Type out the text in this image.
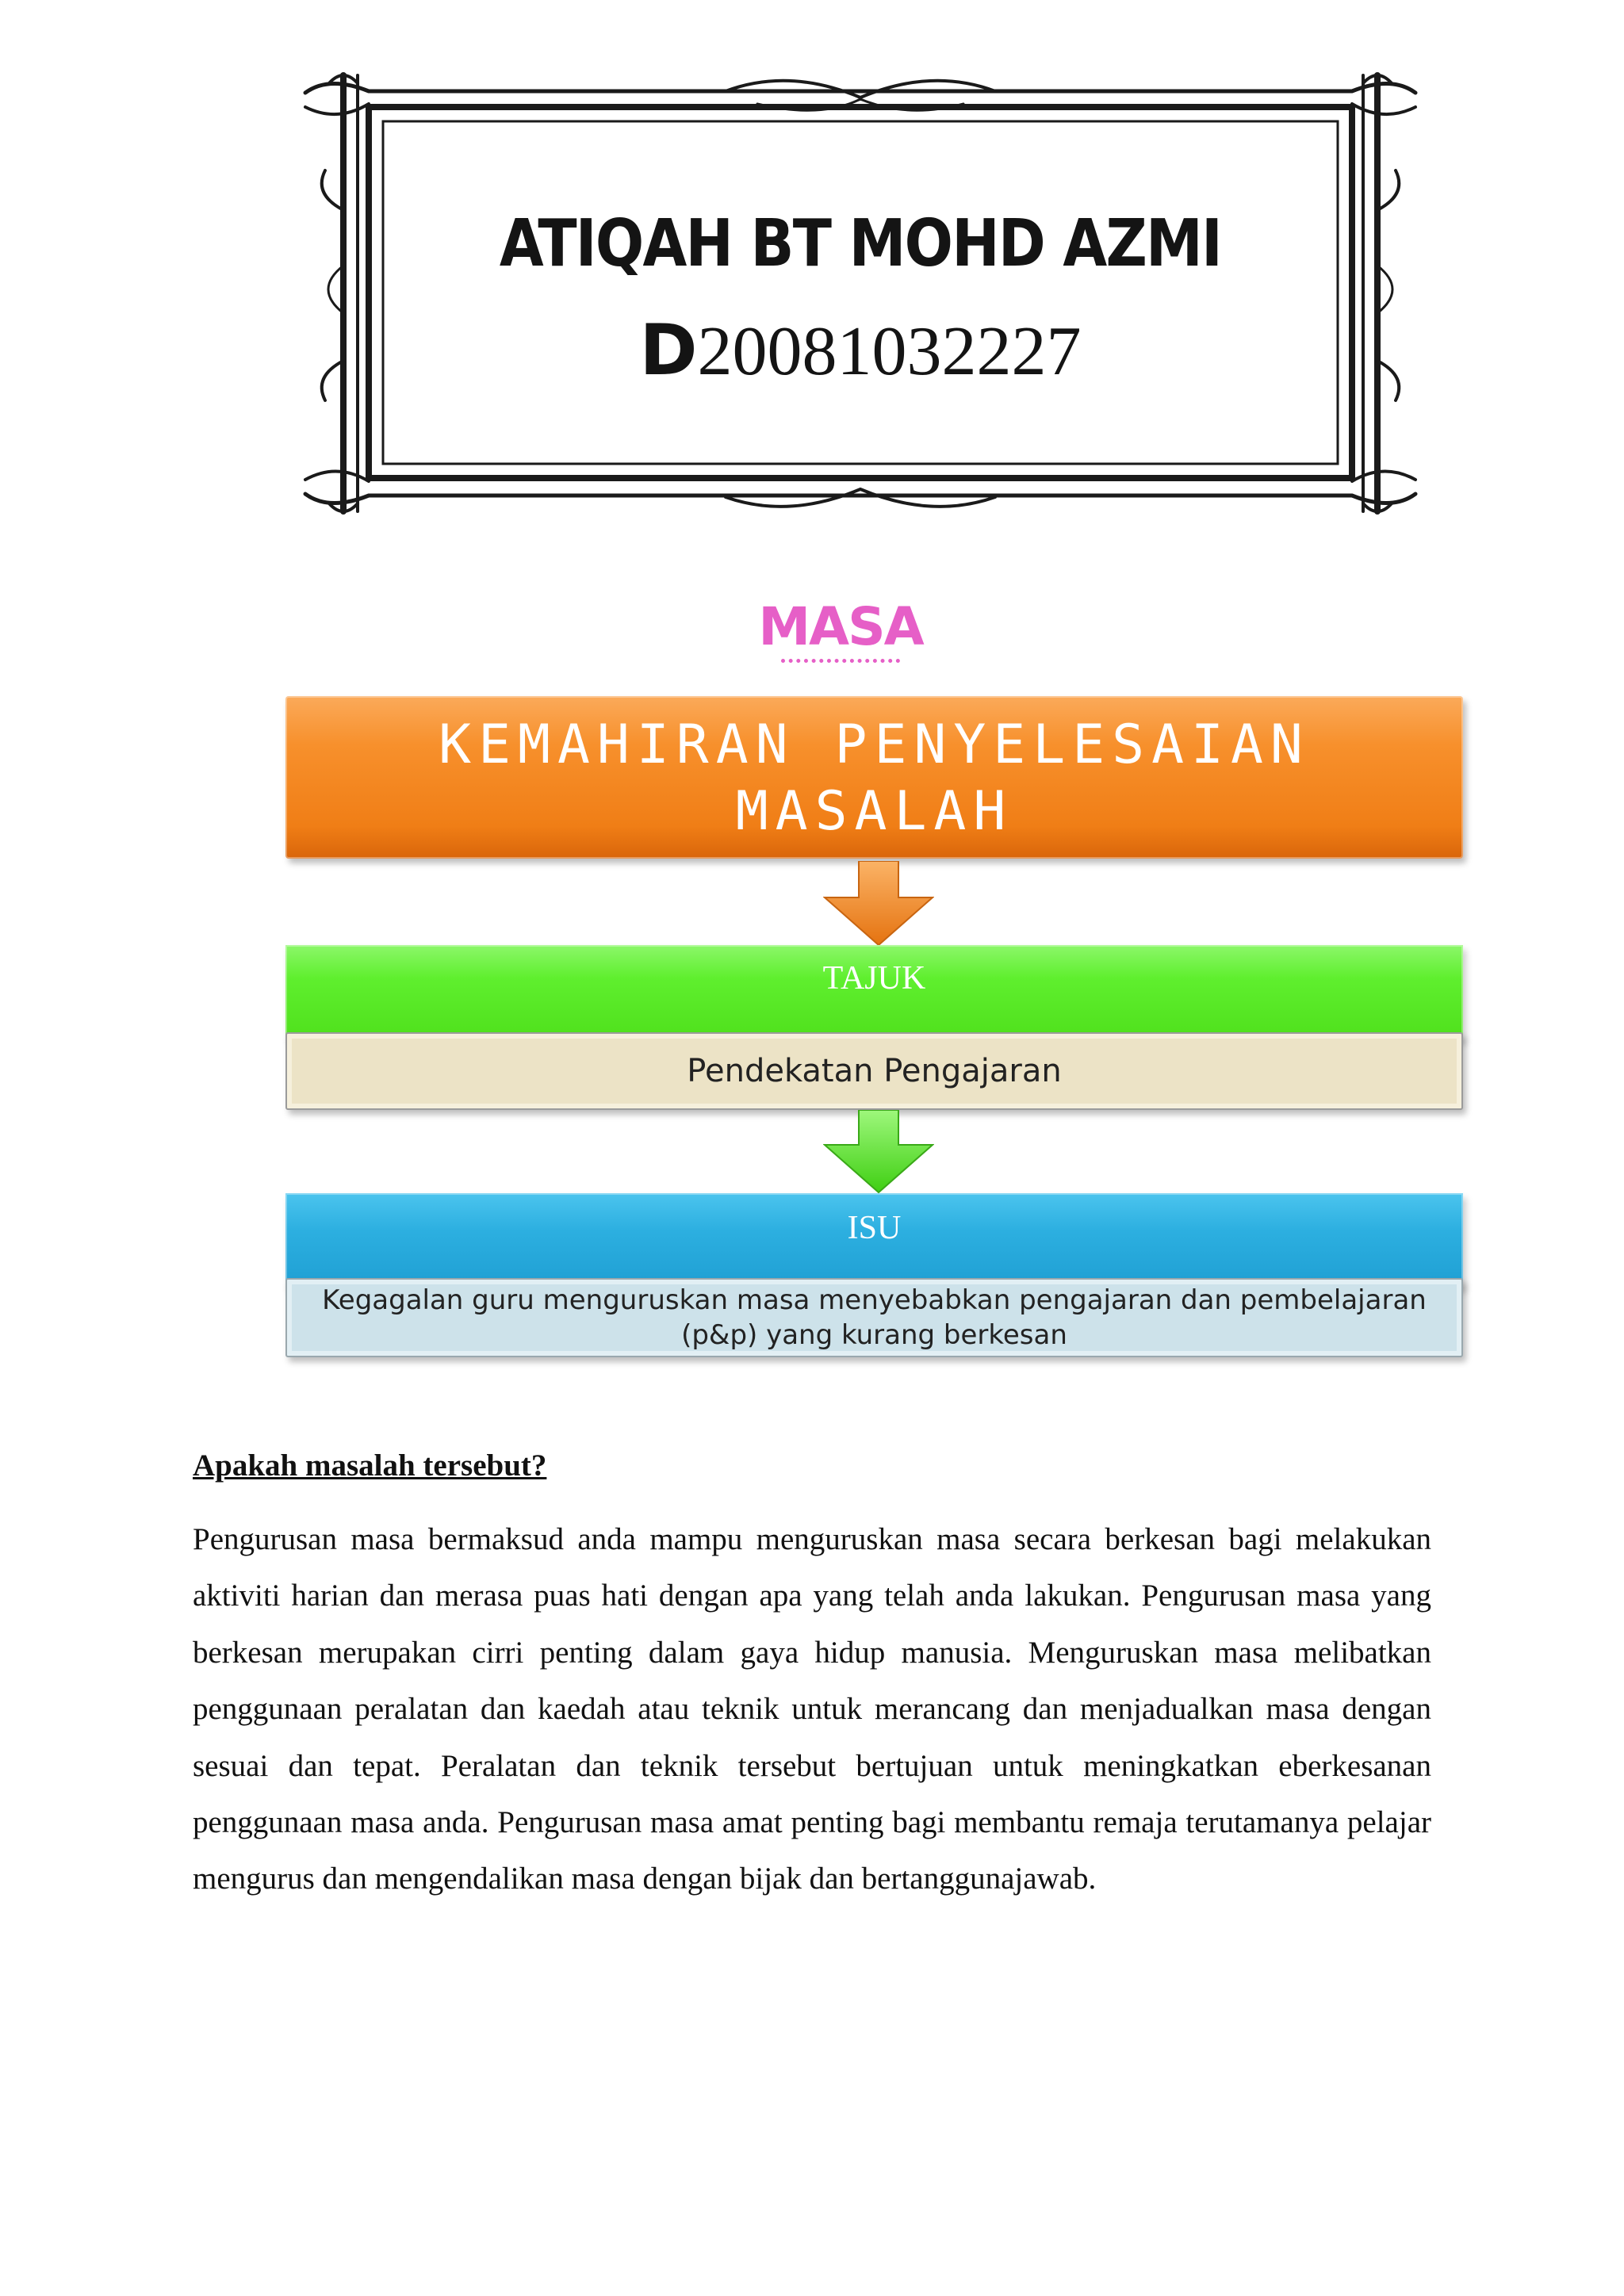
ATIQAH BT MOHD AZMI
D20081032227
MASA
KEMAHIRAN PENYELESAIAN MASALAH
TAJUK
Pendekatan Pengajaran
ISU
Kegagalan guru menguruskan masa menyebabkan pengajaran dan pembelajaran (p&p) yang kurang berkesan
Apakah masalah tersebut?
Pengurusan masa bermaksud anda mampu menguruskan masa secara berkesan bagi melakukan aktiviti harian dan merasa puas hati dengan apa yang telah anda lakukan. Pengurusan masa yang berkesan merupakan cirri penting dalam gaya hidup manusia. Menguruskan masa melibatkan penggunaan peralatan dan kaedah atau teknik untuk merancang dan menjadualkan masa dengan sesuai dan tepat. Peralatan dan teknik tersebut bertujuan untuk meningkatkan eberkesanan penggunaan masa anda. Pengurusan masa amat penting bagi membantu remaja terutamanya pelajar mengurus dan mengendalikan masa dengan bijak dan bertanggunajawab.
